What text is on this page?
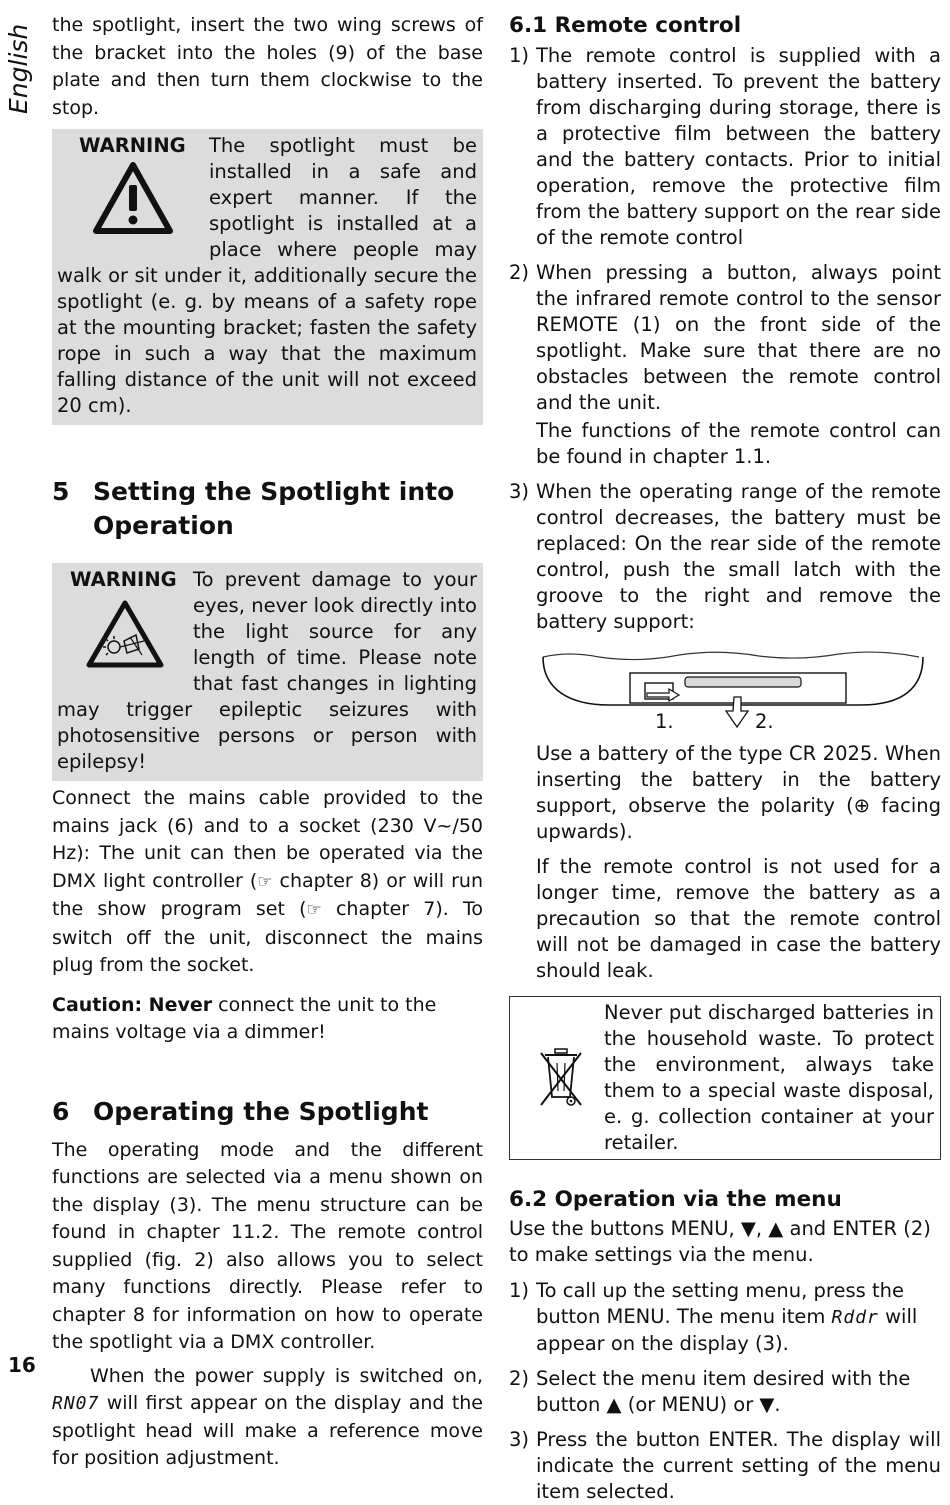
English the spotlight, insert the two wing screws of the bracket into the holes (9) of the base plate and then turn them clockwise to the stop.

WARNING	The spotlight must be installed in a safe and expert manner. If the spotlight is installed at a place where people may walk or sit under it, additionally secure the spotlight (e. g. by means of a safety rope at the mounting bracket; fasten the safety rope in such a way that the maximum falling distance of the unit will not exceed 20 cm).

5 Setting the Spotlight into Operation
WARNING To prevent damage to your eyes, never look directly into the light source for any length of time. Please note that fast changes in lighting may trigger epileptic seizures with photosensitive persons or person with epilepsy!

Connect the mains cable provided to the mains jack (6) and to a socket (230 V~/50 Hz): The unit can then be operated via the DMX light controller (☞ chapter 8) or will run the show program set (☞ chapter 7). To switch off the unit, disconnect the mains plug from the socket.

Caution: Never connect the unit to the mains voltage via a dimmer!

6 Operating the Spotlight

The operating mode and the different functions are selected via a menu shown on the display (3). The menu structure can be found in chapter 11.2. The remote control supplied (fig. 2) also allows you to select many functions directly. Please refer to chapter 8 for information on how to operate the spotlight via a DMX controller.

When the power supply is switched on, RN07 will first appear on the display and the spotlight head will make a reference move for position adjustment.

6.1 Remote control
1) The remote control is supplied with a battery inserted. To prevent the battery from discharging during storage, there is a protective film between the battery and the battery contacts. Prior to initial operation, remove the protective film from the battery support on the rear side of the remote control
2) When pressing a button, always point the infrared remote control to the sensor REMOTE (1) on the front side of the spotlight. Make sure that there are no obstacles between the remote control and the unit.

The functions of the remote control can be found in chapter 1.1.

3) When the operating range of the remote control decreases, the battery must be replaced: On the rear side of the remote control, push the small latch with the groove to the right and remove the battery support:
1.	2.

Use a battery of the type CR 2025. When inserting the battery in the battery support, observe the polarity (⊕ facing upwards).

If the remote control is not used for a longer time, remove the battery as a precaution so that the remote control will not be damaged in case the battery should leak.

Never put discharged batteries in the household waste. To protect the environment, always take them to a special waste disposal, e. g. collection container at your retailer.

6.2 Operation via the menu

Use the buttons MENU, ▼, ▲ and ENTER (2) to make settings via the menu.

1) To call up the setting menu, press the button MENU. The menu item Rddr will appear on the display (3).
2) Select the menu item desired with the button ▲ (or MENU) or ▼.
3) Press the button ENTER. The display will indicate the current setting of the menu item selected.
16
